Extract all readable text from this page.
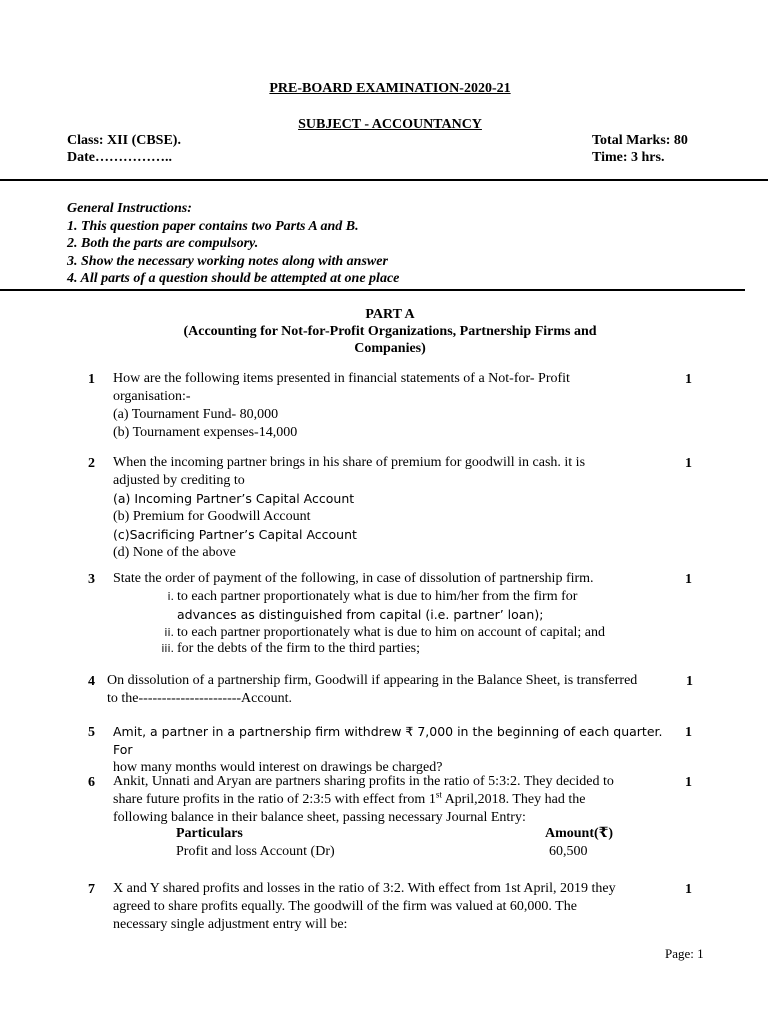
PRE-BOARD EXAMINATION-2020-21
SUBJECT - ACCOUNTANCY
Class: XII (CBSE).
Date……………..
Total Marks: 80
Time: 3 hrs.
General Instructions:
1. This question paper contains two Parts A and B.
2. Both the parts are compulsory.
3. Show the necessary working notes along with answer
4. All parts of a question should be attempted at one place
PART A
(Accounting for Not-for-Profit Organizations, Partnership Firms and
Companies)
1	1
How are the following items presented in financial statements of a Not-for- Profit
organisation:-
(a) Tournament Fund- 80,000
(b) Tournament expenses-14,000
2	1
When the incoming partner brings in his share of premium for goodwill in cash. it is
adjusted by crediting to
(a) Incoming Partner’s Capital Account
(b) Premium for Goodwill Account
(c)Sacrificing Partner’s Capital Account
(d) None of the above
3	1
State the order of payment of the following, in case of dissolution of partnership firm.
i. to each partner proportionately what is due to him/her from the firm for
advances as distinguished from capital (i.e. partner’ loan);
ii. to each partner proportionately what is due to him on account of capital; and
iii. for the debts of the firm to the third parties;
4	1
On dissolution of a partnership firm, Goodwill if appearing in the Balance Sheet, is transferred
to the----------------------Account.
5	1
Amit, a partner in a partnership firm withdrew ₹ 7,000 in the beginning of each quarter. For
how many months would interest on drawings be charged?
6	1
Ankit, Unnati and Aryan are partners sharing profits in the ratio of 5:3:2. They decided to
share future profits in the ratio of 2:3:5 with effect from 1st April,2018. They had the
following balance in their balance sheet, passing necessary Journal Entry:
Particulars	Amount(₹)
Profit and loss Account (Dr)	60,500
7	1
X and Y shared profits and losses in the ratio of 3:2. With effect from 1st April, 2019 they
agreed to share profits equally. The goodwill of the firm was valued at 60,000. The
necessary single adjustment entry will be:
Page: 1
